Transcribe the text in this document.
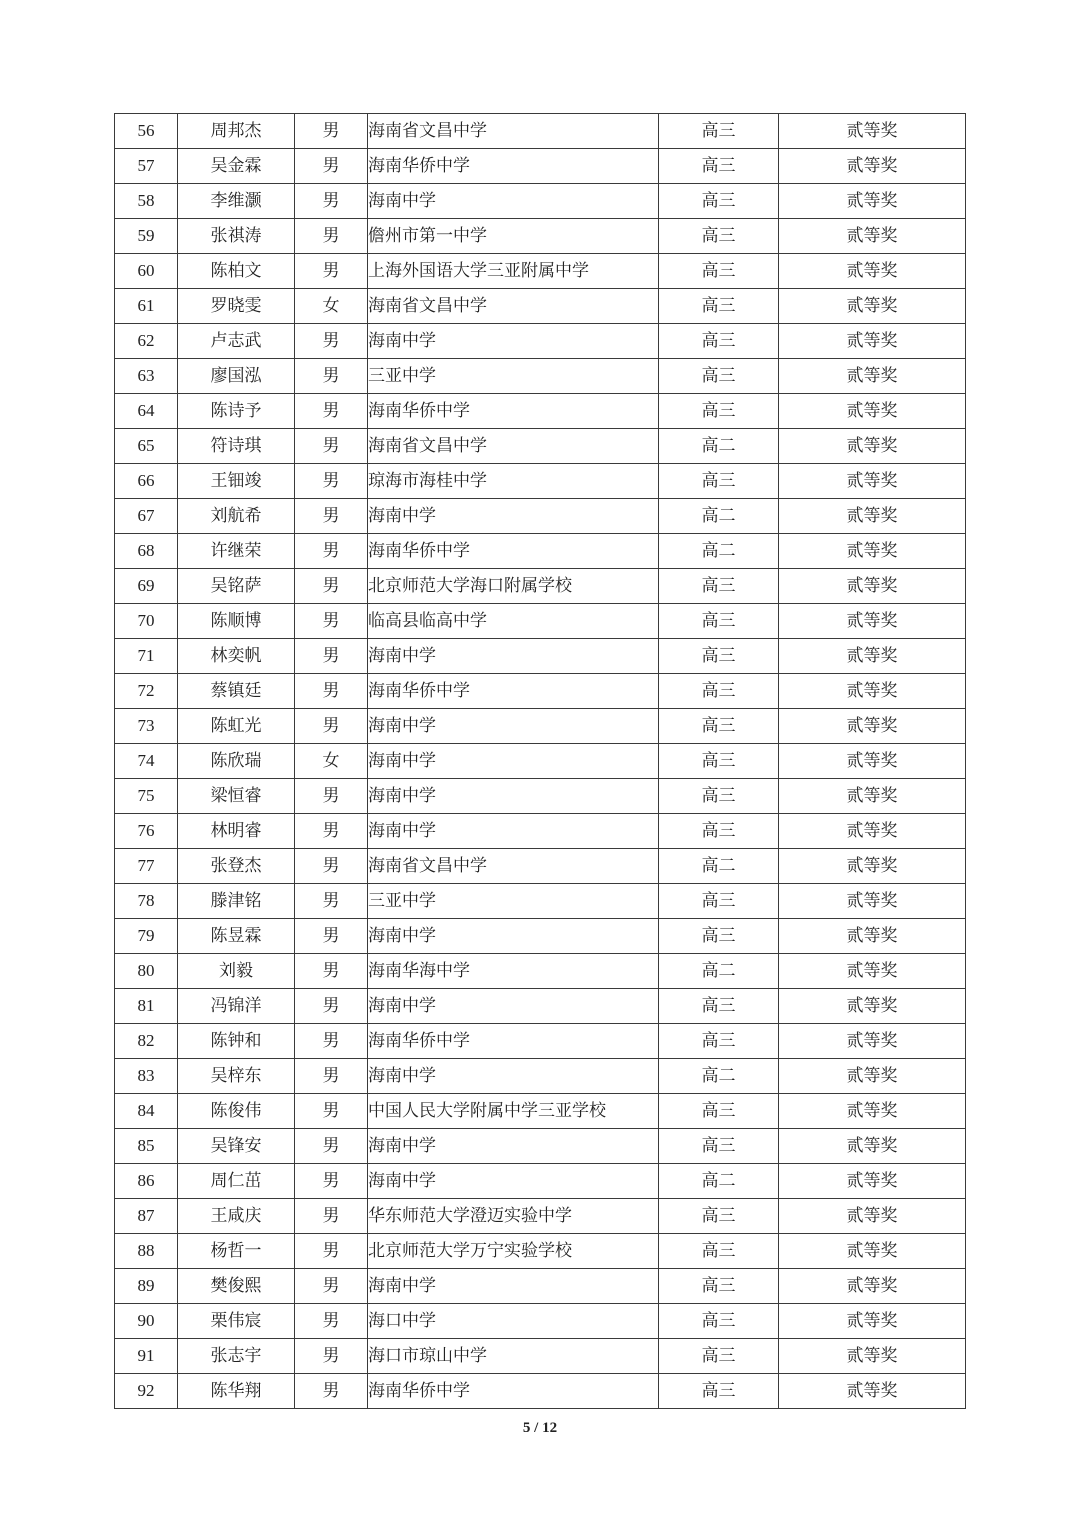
56	周邦杰	男	海南省文昌中学	高三	贰等奖
57	吴金霖	男	海南华侨中学	高三	贰等奖
58	李维灏	男	海南中学	高三	贰等奖
59	张祺涛	男	儋州市第一中学	高三	贰等奖
60	陈柏文	男	上海外国语大学三亚附属中学	高三	贰等奖
61	罗晓雯	女	海南省文昌中学	高三	贰等奖
62	卢志武	男	海南中学	高三	贰等奖
63	廖国泓	男	三亚中学	高三	贰等奖
64	陈诗予	男	海南华侨中学	高三	贰等奖
65	符诗琪	男	海南省文昌中学	高二	贰等奖
66	王钿竣	男	琼海市海桂中学	高三	贰等奖
67	刘航希	男	海南中学	高二	贰等奖
68	许继荣	男	海南华侨中学	高二	贰等奖
69	吴铭萨	男	北京师范大学海口附属学校	高三	贰等奖
70	陈顺博	男	临高县临高中学	高三	贰等奖
71	林奕帆	男	海南中学	高三	贰等奖
72	蔡镇廷	男	海南华侨中学	高三	贰等奖
73	陈虹光	男	海南中学	高三	贰等奖
74	陈欣瑞	女	海南中学	高三	贰等奖
75	梁恒睿	男	海南中学	高三	贰等奖
76	林明睿	男	海南中学	高三	贰等奖
77	张登杰	男	海南省文昌中学	高二	贰等奖
78	滕津铭	男	三亚中学	高三	贰等奖
79	陈昱霖	男	海南中学	高三	贰等奖
80	刘毅	男	海南华海中学	高二	贰等奖
81	冯锦洋	男	海南中学	高三	贰等奖
82	陈钟和	男	海南华侨中学	高三	贰等奖
83	吴梓东	男	海南中学	高二	贰等奖
84	陈俊伟	男	中国人民大学附属中学三亚学校	高三	贰等奖
85	吴锋安	男	海南中学	高三	贰等奖
86	周仁茁	男	海南中学	高二	贰等奖
87	王咸庆	男	华东师范大学澄迈实验中学	高三	贰等奖
88	杨哲一	男	北京师范大学万宁实验学校	高三	贰等奖
89	樊俊熙	男	海南中学	高三	贰等奖
90	栗伟宸	男	海口中学	高三	贰等奖
91	张志宇	男	海口市琼山中学	高三	贰等奖
92	陈华翔	男	海南华侨中学	高三	贰等奖
5 / 12
